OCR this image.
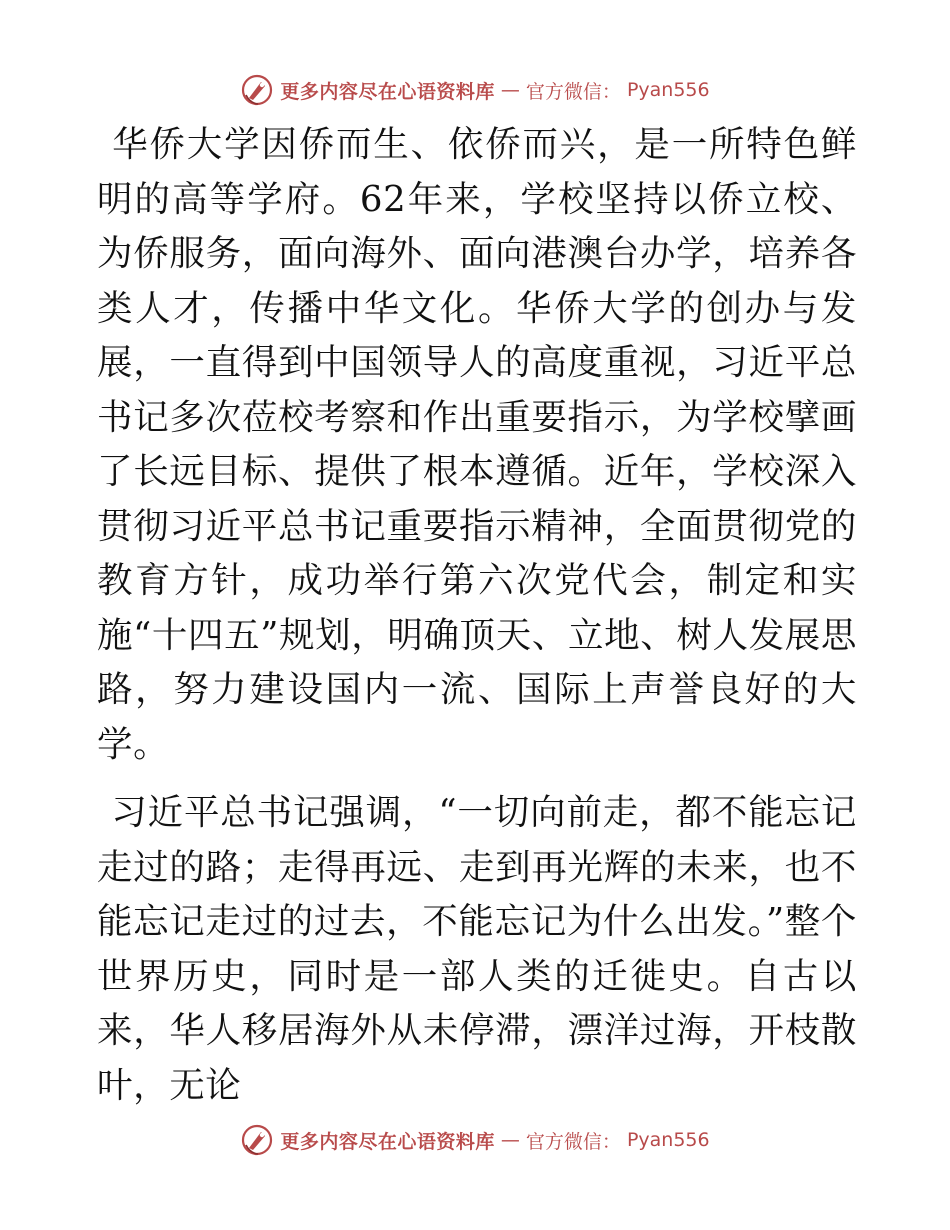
更多内容尽在心语资料库 — 官方微信： Pyan556

华侨大学因侨而生、依侨而兴，是一所特色鲜明的高等学府。62年来，学校坚持以侨立校、为侨服务，面向海外、面向港澳台办学，培养各类人才，传播中华文化。华侨大学的创办与发展，一直得到中国领导人的高度重视，习近平总书记多次莅校考察和作出重要指示，为学校擘画了长远目标、提供了根本遵循。近年，学校深入贯彻习近平总书记重要指示精神，全面贯彻党的教育方针，成功举行第六次党代会，制定和实施“十四五”规划，明确顶天、立地、树人发展思路，努力建设国内一流、国际上声誉良好的大学。

习近平总书记强调，“一切向前走，都不能忘记走过的路；走得再远、走到再光辉的未来，也不能忘记走过的过去，不能忘记为什么出发。”整个世界历史，同时是一部人类的迁徙史。自古以来，华人移居海外从未停滞，漂洋过海，开枝散叶，无论

更多内容尽在心语资料库 — 官方微信： Pyan556
